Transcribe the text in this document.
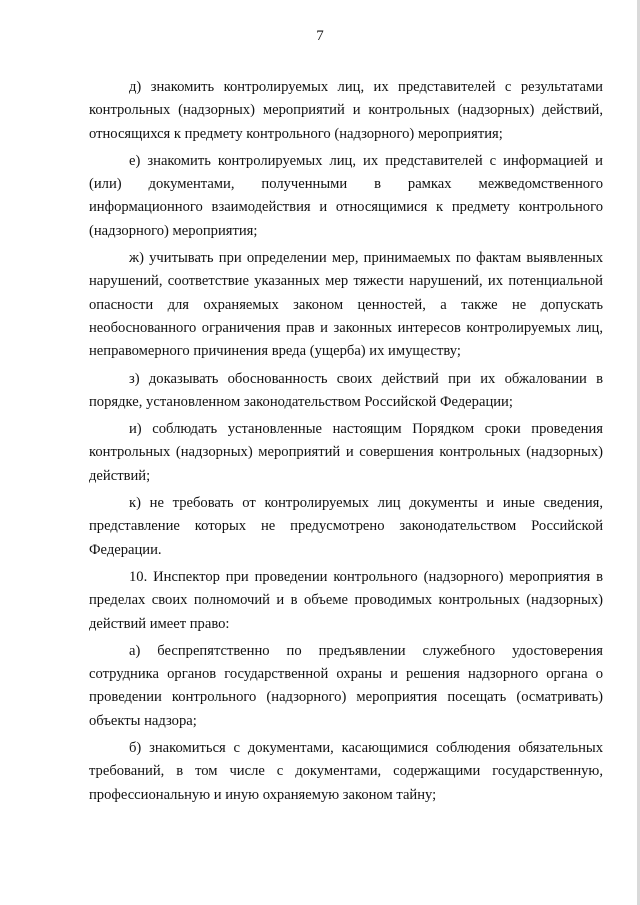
7

д) знакомить контролируемых лиц, их представителей с результатами контрольных (надзорных) мероприятий и контрольных (надзорных) действий, относящихся к предмету контрольного (надзорного) мероприятия;

е) знакомить контролируемых лиц, их представителей с информацией и (или) документами, полученными в рамках межведомственного информационного взаимодействия и относящимися к предмету контрольного (надзорного) мероприятия;

ж) учитывать при определении мер, принимаемых по фактам выявленных нарушений, соответствие указанных мер тяжести нарушений, их потенциальной опасности для охраняемых законом ценностей, а также не допускать необоснованного ограничения прав и законных интересов контролируемых лиц, неправомерного причинения вреда (ущерба) их имуществу;

з) доказывать обоснованность своих действий при их обжаловании в порядке, установленном законодательством Российской Федерации;

и) соблюдать установленные настоящим Порядком сроки проведения контрольных (надзорных) мероприятий и совершения контрольных (надзорных) действий;

к) не требовать от контролируемых лиц документы и иные сведения, представление которых не предусмотрено законодательством Российской Федерации.

10. Инспектор при проведении контрольного (надзорного) мероприятия в пределах своих полномочий и в объеме проводимых контрольных (надзорных) действий имеет право:

а) беспрепятственно по предъявлении служебного удостоверения сотрудника органов государственной охраны и решения надзорного органа о проведении контрольного (надзорного) мероприятия посещать (осматривать) объекты надзора;

б) знакомиться с документами, касающимися соблюдения обязательных требований, в том числе с документами, содержащими государственную, профессиональную и иную охраняемую законом тайну;
